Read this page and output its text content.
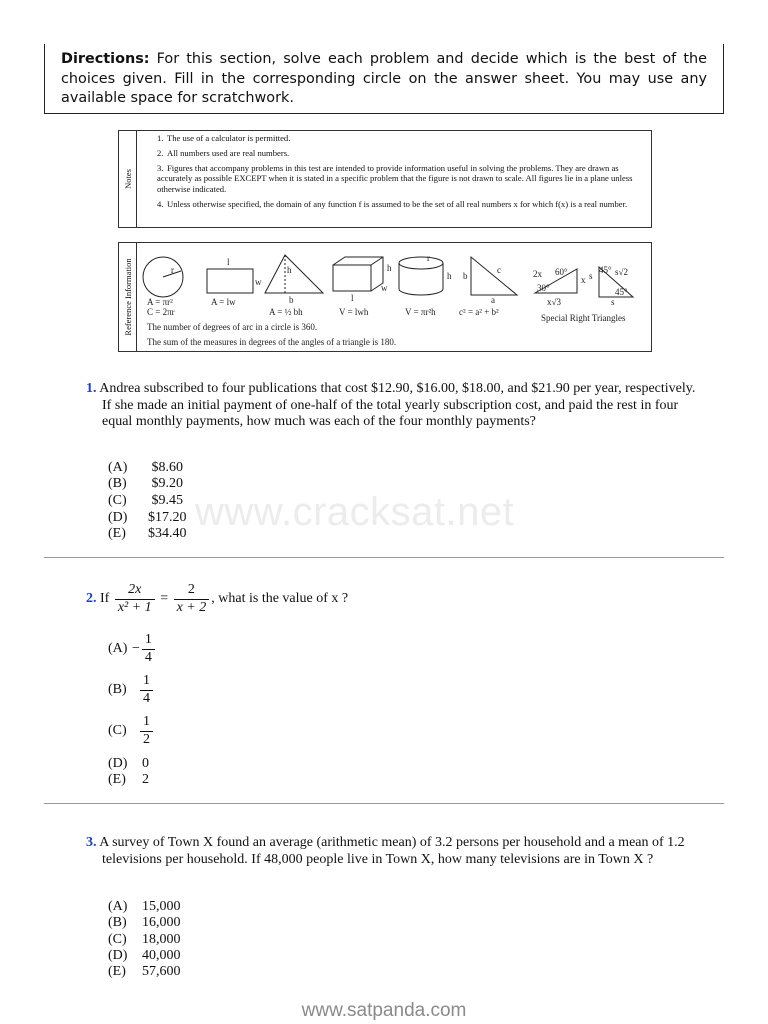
Directions: For this section, solve each problem and decide which is the best of the choices given. Fill in the corresponding circle on the answer sheet. You may use any available space for scratchwork.
Notes
1. The use of a calculator is permitted.
2. All numbers used are real numbers.
3. Figures that accompany problems in this test are intended to provide information useful in solving the problems. They are drawn as accurately as possible EXCEPT when it is stated in a specific problem that the figure is not drawn to scale. All figures lie in a plane unless otherwise indicated.
4. Unless otherwise specified, the domain of any function f is assumed to be the set of all real numbers x for which f(x) is a real number.
Reference Information	r
A = πr²
C = 2πr
l
w
A = lw
h
b
A = ½ bh
h
w
l
V = lwh
r
h
V = πr²h
c
a
b
c² = a² + b²
2x 60°
30°
x
x√3
s
45° s√2
45°
s
Special Right Triangles
The number of degrees of arc in a circle is 360.
The sum of the measures in degrees of the angles of a triangle is 180.
1. Andrea subscribed to four publications that cost $12.90, $16.00, $18.00, and $21.90 per year, respectively. If she made an initial payment of one-half of the total yearly subscription cost, and paid the rest in four equal monthly payments, how much was each of the four monthly payments?
(A) $8.60
(B) $9.20
(C) $9.45
(D) $17.20
(E) $34.40 www.cracksat.net
2. If $\frac{2x}{\text{x² + 1}} = \frac{2}{x + 2}$ , what is the value of x ?
$(A) - \frac{1}{4}$
$(B) \frac{1}{4}$
$(C) \frac{1}{2}$
(D) 0
(E) 2
3. A survey of Town X found an average (arithmetic mean) of 3.2 persons per household and a mean of 1.2 televisions per household. If 48,000 people live in Town X, how many televisions are in Town X ?
(A) 15,000
(B) 16,000
(C) 18,000
(D) 40,000
(E) 57,600
www.satpanda.com
